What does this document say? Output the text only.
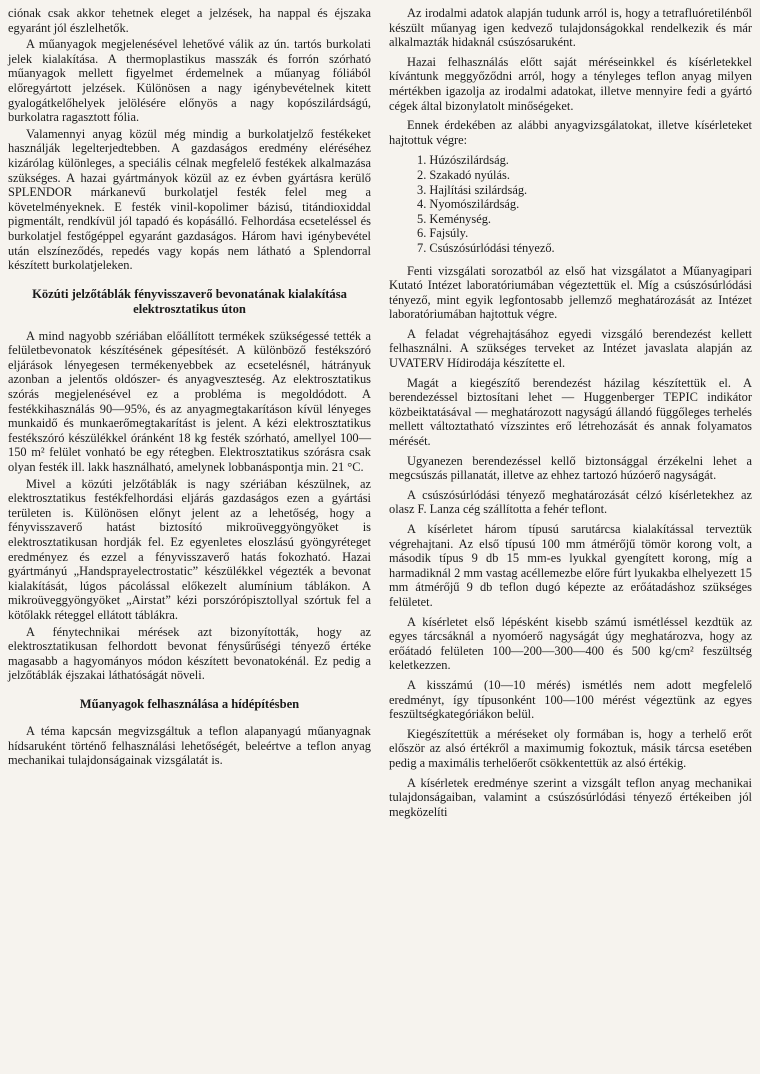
ciónak csak akkor tehetnek eleget a jelzések, ha nappal és éjszaka egyaránt jól észlelhetők.

A műanyagok megjelenésével lehetővé válik az ún. tartós burkolati jelek kialakítása. A thermoplastikus masszák és forrón szórható műanyagok mellett figyelmet érdemelnek a műanyag fóliából előregyártott jelzések. Különösen a nagy igénybevételnek kitett gyalogátkelőhelyek jelölésére előnyös a nagy kopószilárdságú, burkolatra ragasztott fólia.

Valamennyi anyag közül még mindig a burkolatjelző festékeket használják legelterjedtebben. A gazdaságos eredmény eléréséhez kizárólag különleges, a speciális célnak megfelelő festékek alkalmazása szükséges. A hazai gyártmányok közül az ez évben gyártásra kerülő SPLENDOR márkanevű burkolatjel festék felel meg a követelményeknek. E festék vinil-kopolimer bázisú, titándioxiddal pigmentált, rendkívül jól tapadó és kopásálló. Felhordása ecseteléssel és burkolatjel festőgéppel egyaránt gazdaságos. Három havi igénybevétel után elszíneződés, repedés vagy kopás nem látható a Splendorral készített burkolatjeleken.

Közúti jelzőtáblák fényvisszaverő bevonatának kialakítása elektrosztatikus úton

A mind nagyobb szériában előállított termékek szükségessé tették a felületbevonatok készítésének gépesítését. A különböző festékszóró eljárások lényegesen termékenyebbek az ecsetelésnél, hátrányuk azonban a jelentős oldószer- és anyagveszteség. Az elektrosztatikus szórás megjelenésével ez a probléma is megoldódott. A festékkihasználás 90—95%, és az anyagmegtakarításon kívül lényeges munkaidő és munkaerőmegtakarítást is jelent. A kézi elektrosztatikus festékszóró készülékkel óránként 18 kg festék szórható, amellyel 100—150 m² felület vonható be egy rétegben. Elektrosztatikus szórásra csak olyan festék ill. lakk használható, amelynek lobbanáspontja min. 21 °C.

Mivel a közúti jelzőtáblák is nagy szériában készülnek, az elektrosztatikus festékfelhordási eljárás gazdaságos ezen a gyártási területen is. Különösen előnyt jelent az a lehetőség, hogy a fényvisszaverő hatást biztosító mikroüveggyöngyöket is elektrosztatikusan hordják fel. Ez egyenletes eloszlású gyöngyréteget eredményez és ezzel a fényvisszaverő hatás fokozható. Hazai gyártmányú „Handsprayelectrostatic” készülékkel végezték a bevonat kialakítását, lúgos pácolással előkezelt alumínium táblákon. A mikroüveggyöngyöket „Airstat” kézi porszórópisztollyal szórtuk fel a kötőlakk réteggel ellátott táblákra.

A fénytechnikai mérések azt bizonyították, hogy az elektrosztatikusan felhordott bevonat fénysűrűségi tényező értéke magasabb a hagyományos módon készített bevonatokénál. Ez pedig a jelzőtáblák éjszakai láthatóságát növeli.

Műanyagok felhasználása a hídépítésben

A téma kapcsán megvizsgáltuk a teflon alapanyagú műanyagnak hídsaruként történő felhasználási lehetőségét, beleértve a teflon anyag mechanikai tulajdonságainak vizsgálatát is.

Az irodalmi adatok alapján tudunk arról is, hogy a tetrafluóretilénből készült műanyag igen kedvező tulajdonságokkal rendelkezik és már alkalmazták hidaknál csúszósaruként.

Hazai felhasználás előtt saját méréseinkkel és kísérletekkel kívántunk meggyőződni arról, hogy a tényleges teflon anyag milyen mértékben igazolja az irodalmi adatokat, illetve mennyire fedi a gyártó cégek által bizonylatolt minőségeket.

Ennek érdekében az alábbi anyagvizsgálatokat, illetve kísérleteket hajtottuk végre:

1. Húzószilárdság.
2. Szakadó nyúlás.
3. Hajlítási szilárdság.
4. Nyomószilárdság.
5. Keménység.
6. Fajsúly.
7. Csúszósúrlódási tényező.

Fenti vizsgálati sorozatból az első hat vizsgálatot a Műanyagipari Kutató Intézet laboratóriumában végeztettük el. Míg a csúszósúrlódási tényező, mint egyik legfontosabb jellemző meghatározását az Intézet laboratóriumában hajtottuk végre.

A feladat végrehajtásához egyedi vizsgáló berendezést kellett felhasználni. A szükséges terveket az Intézet javaslata alapján az UVATERV Hídirodája készítette el.

Magát a kiegészítő berendezést házilag készítettük el. A berendezéssel biztosítani lehet — Huggenberger TEPIC indikátor közbeiktatásával — meghatározott nagyságú állandó függőleges terhelés mellett változtatható vízszintes erő létrehozását és annak folyamatos mérését.

Ugyanezen berendezéssel kellő biztonsággal érzékelni lehet a megcsúszás pillanatát, illetve az ehhez tartozó húzóerő nagyságát.

A csúszósúrlódási tényező meghatározását célzó kísérletekhez az olasz F. Lanza cég szállította a fehér teflont.

A kísérletet három típusú sarutárcsa kialakítással terveztük végrehajtani. Az első típusú 100 mm átmérőjű tömör korong volt, a második típus 9 db 15 mm-es lyukkal gyengített korong, míg a harmadiknál 2 mm vastag acéllemezbe előre fúrt lyukakba elhelyezett 15 mm átmérőjű 9 db teflon dugó képezte az erőátadáshoz szükséges felületet.

A kísérletet első lépésként kisebb számú ismétléssel kezdtük az egyes tárcsáknál a nyomóerő nagyságát úgy meghatározva, hogy az erőátadó felületen 100—200—300—400 és 500 kg/cm² feszültség keletkezzen.

A kisszámú (10—10 mérés) ismétlés nem adott megfelelő eredményt, így típusonként 100—100 mérést végeztünk az egyes feszültségkategóriákon belül.

Kiegészítettük a méréseket oly formában is, hogy a terhelő erőt először az alsó értékről a maximumig fokoztuk, másik tárcsa esetében pedig a maximális terhelőerőt csökkentettük az alsó értékig.

A kísérletek eredménye szerint a vizsgált teflon anyag mechanikai tulajdonságaiban, valamint a csúszósúrlódási tényező értékeiben jól megközelíti
